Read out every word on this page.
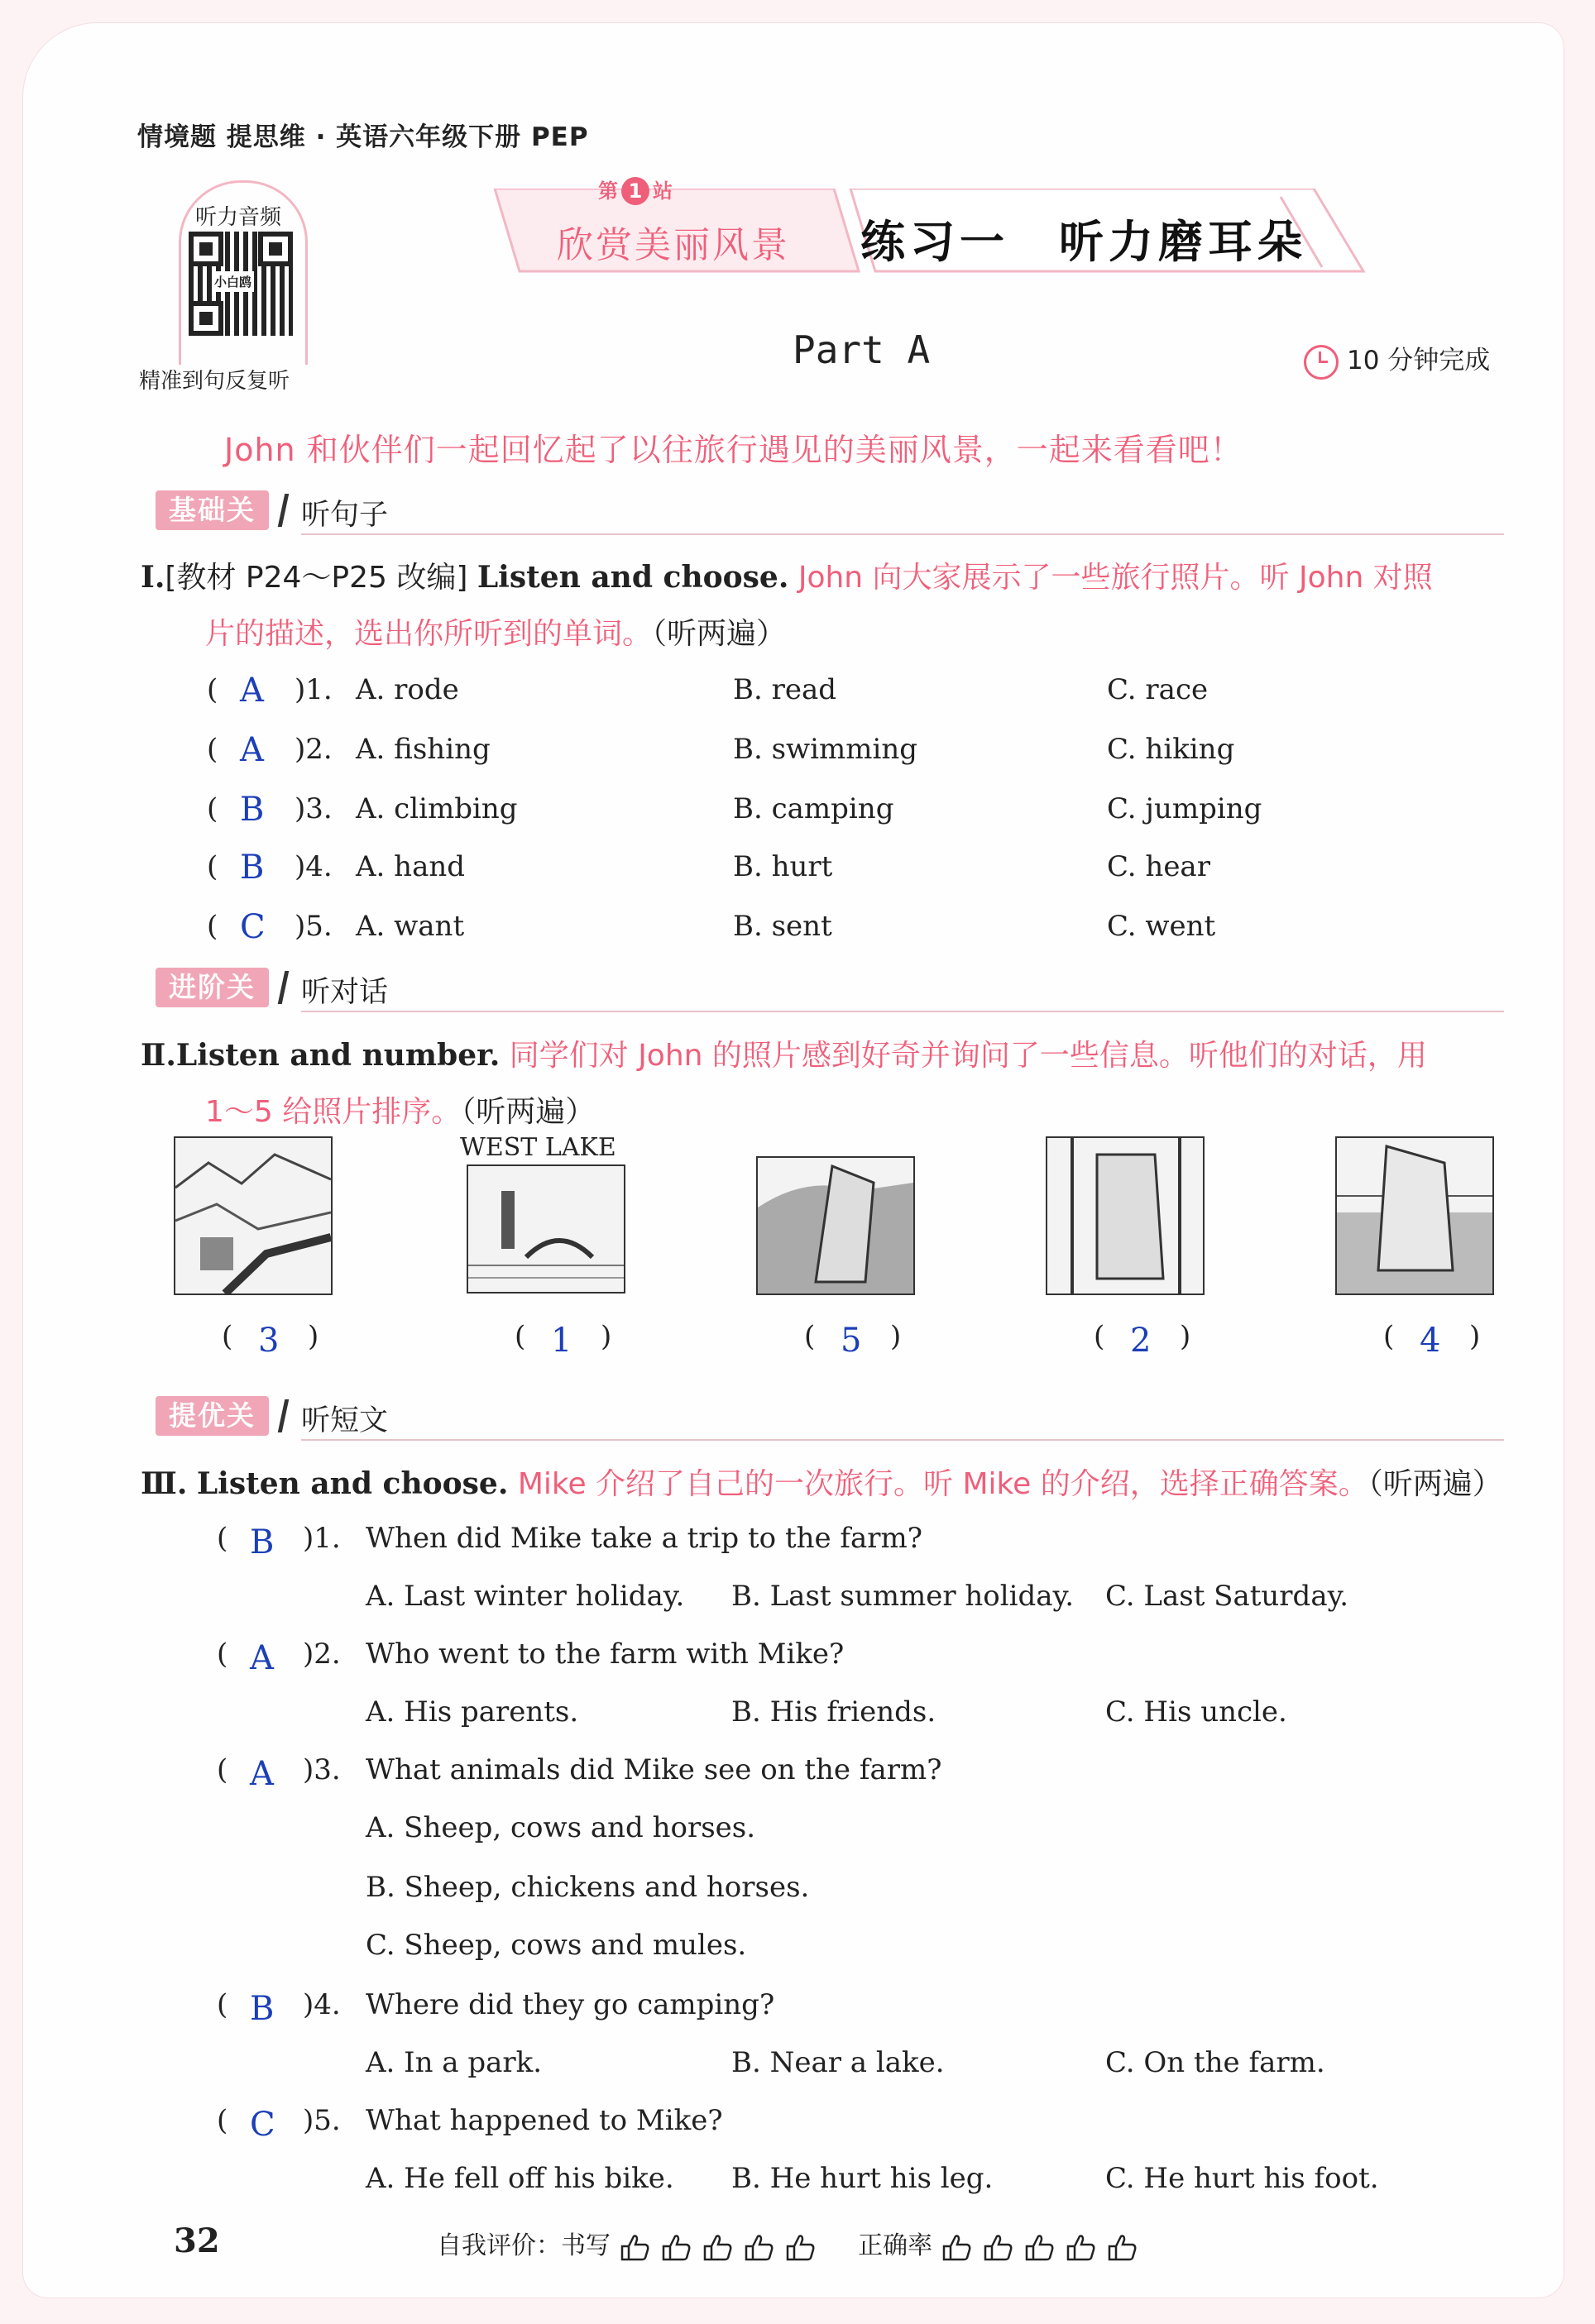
情境题 提思维 · 英语六年级下册 PEP
听力音频
小白鸥
精准到句反复听
第 1 站
欣赏美丽风景 练习一　听力磨耳朵
Part A	10 分钟完成
John 和伙伴们一起回忆起了以往旅行遇见的美丽风景，一起来看看吧！
基础关	听句子
Ⅰ.[教材 P24～P25 改编] Listen and choose. John 向大家展示了一些旅行照片。听 John 对照
片的描述，选出你所听到的单词。（听两遍）
( A )1. A. rode	B. read	C. race
( A )2. A. fishing	B. swimming	C. hiking
( B )3. A. climbing	B. camping	C. jumping
( B )4. A. hand	B. hurt	C. hear
( C )5. A. want	B. sent	C. went
进阶关	听对话
Ⅱ.Listen and number. 同学们对 John 的照片感到好奇并询问了一些信息。听他们的对话，用
1～5 给照片排序。（听两遍）
WEST LAKE
( 3 )	( 1 )	( 5 )	( 2 )	( 4 )
提优关	听短文
Ⅲ. Listen and choose. Mike 介绍了自己的一次旅行。听 Mike 的介绍，选择正确答案。（听两遍）
( B )1. When did Mike take a trip to the farm?
A. Last winter holiday. B. Last summer holiday. C. Last Saturday.
( A )2. Who went to the farm with Mike?
A. His parents.	B. His friends.	C. His uncle.
( A )3. What animals did Mike see on the farm?
A. Sheep, cows and horses.
B. Sheep, chickens and horses.
C. Sheep, cows and mules.
( B )4. Where did they go camping?
A. In a park.	B. Near a lake.	C. On the farm.
( C )5. What happened to Mike?
A. He fell off his bike. B. He hurt his leg.	C. He hurt his foot.
32	自我评价：书写	正确率
